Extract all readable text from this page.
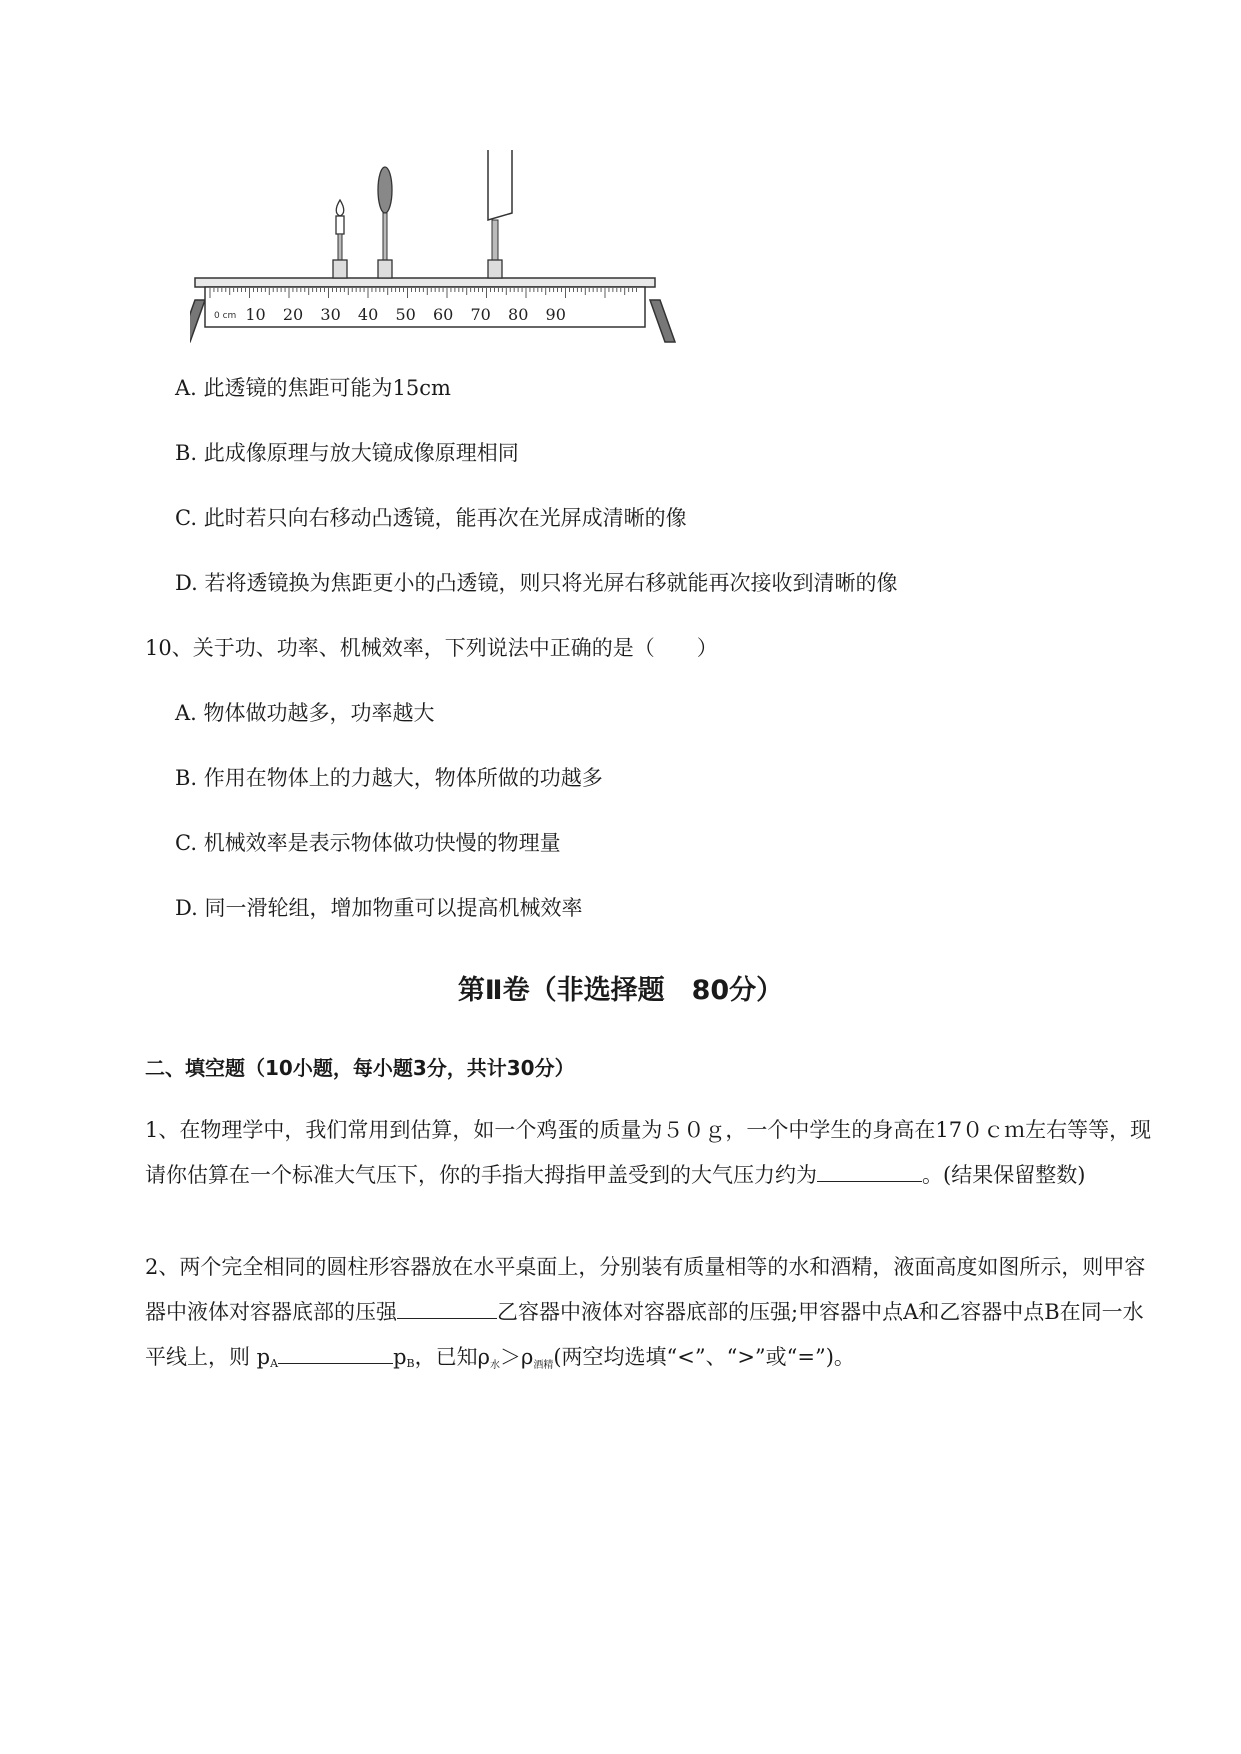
0 cm 10 20 30 40 50 60 70 80 90
A. 此透镜的焦距可能为15cm
B. 此成像原理与放大镜成像原理相同
C. 此时若只向右移动凸透镜，能再次在光屏成清晰的像
D. 若将透镜换为焦距更小的凸透镜，则只将光屏右移就能再次接收到清晰的像
10、关于功、功率、机械效率，下列说法中正确的是（　　）
A. 物体做功越多，功率越大
B. 作用在物体上的力越大，物体所做的功越多
C. 机械效率是表示物体做功快慢的物理量
D. 同一滑轮组，增加物重可以提高机械效率
第Ⅱ卷（非选择题　80分）
二、填空题（10小题，每小题3分，共计30分）
1、在物理学中，我们常用到估算，如一个鸡蛋的质量为５０ｇ，一个中学生的身高在17０ｃｍ左右等等，现请你估算在一个标准大气压下，你的手指大拇指甲盖受到的大气压力约为	。(结果保留整数)
2、两个完全相同的圆柱形容器放在水平桌面上，分别装有质量相等的水和酒精，液面高度如图所示，则甲容器中液体对容器底部的压强	乙容器中液体对容器底部的压强;甲容器中点A和乙容器中点B在同一水平线上，则 $p_A$	$p_B$，已知$\rho_水>\rho_{酒精}$(两空均选填“<”、“>”或“=”)。
